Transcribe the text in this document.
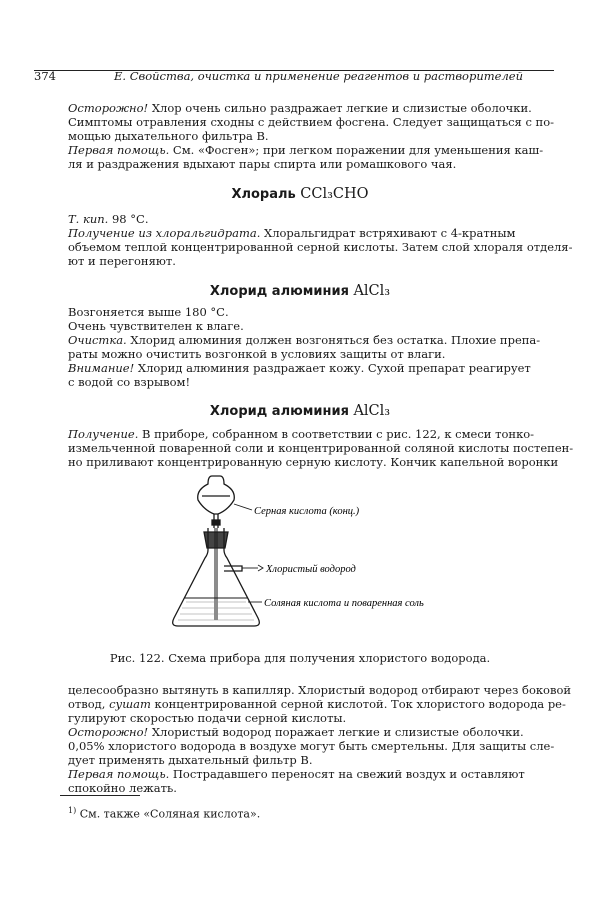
374	Е. Свойства, очистка и применение реагентов и растворителей
Осторожно! Хлор очень сильно раздражает легкие и слизистые оболочки.
Симптомы отравления сходны с действием фосгена. Следует защищаться с по-
мощью дыхательного фильтра В.
Первая помощь. См. «Фосген»; при легком поражении для уменьшения каш-
ля и раздражения вдыхают пары спирта или ромашкового чая.
Хлораль CCl₃CHO
Т. кип. 98 °С.
Получение из хлоральгидрата. Хлоральгидрат встряхивают с 4-кратным
объемом теплой концентрированной серной кислоты. Затем слой хлораля отделя-
ют и перегоняют.
Хлорид алюминия AlCl₃
Возгоняется выше 180 °С.
Очень чувствителен к влаге.
Очистка. Хлорид алюминия должен возгоняться без остатка. Плохие препа-
раты можно очистить возгонкой в условиях защиты от влаги.
Внимание! Хлорид алюминия раздражает кожу. Сухой препарат реагирует
с водой со взрывом!
Хлорид алюминия AlCl₃
Получение. В приборе, собранном в соответствии с рис. 122, к смеси тонко-
измельченной поваренной соли и концентрированной соляной кислоты постепен-
но приливают концентрированную серную кислоту. Кончик капельной воронки
Серная кислота (конц.)
Хлористый водород
Соляная кислота и поваренная соль
Рис. 122. Схема прибора для получения хлористого водорода.
целесообразно вытянуть в капилляр. Хлористый водород отбирают через боковой
отвод, сушат концентрированной серной кислотой. Ток хлористого водорода ре-
гулируют скоростью подачи серной кислоты.
Осторожно! Хлористый водород поражает легкие и слизистые оболочки.
0,05% хлористого водорода в воздухе могут быть смертельны. Для защиты сле-
дует применять дыхательный фильтр В.
Первая помощь. Пострадавшего переносят на свежий воздух и оставляют
спокойно лежать.
$^{1)}$ См. также «Соляная кислота».
